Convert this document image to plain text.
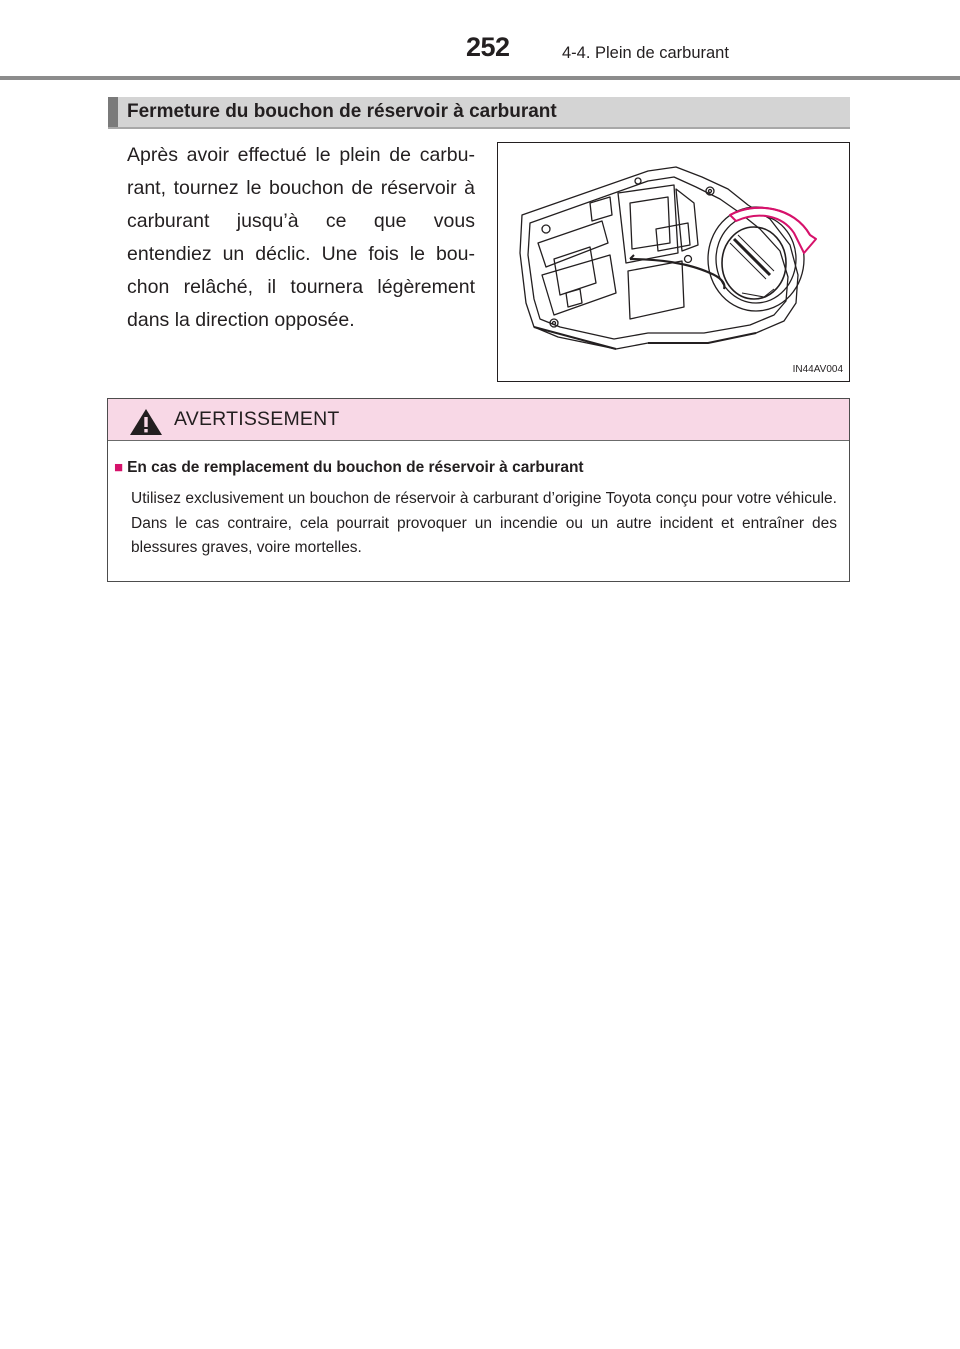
252	4-4. Plein de carburant
Fermeture du bouchon de réservoir à carburant
Après avoir effectué le plein de carbu-rant, tournez le bouchon de réservoir à carburant jusqu’à ce que vous entendiez un déclic. Une fois le bou-chon relâché, il tournera légèrement dans la direction opposée.
IN44AV004
AVERTISSEMENT
■ En cas de remplacement du bouchon de réservoir à carburant
Utilisez exclusivement un bouchon de réservoir à carburant d’origine Toyota conçu pour votre véhicule. Dans le cas contraire, cela pourrait provoquer un incendie ou un autre incident et entraîner des blessures graves, voire mortelles.
